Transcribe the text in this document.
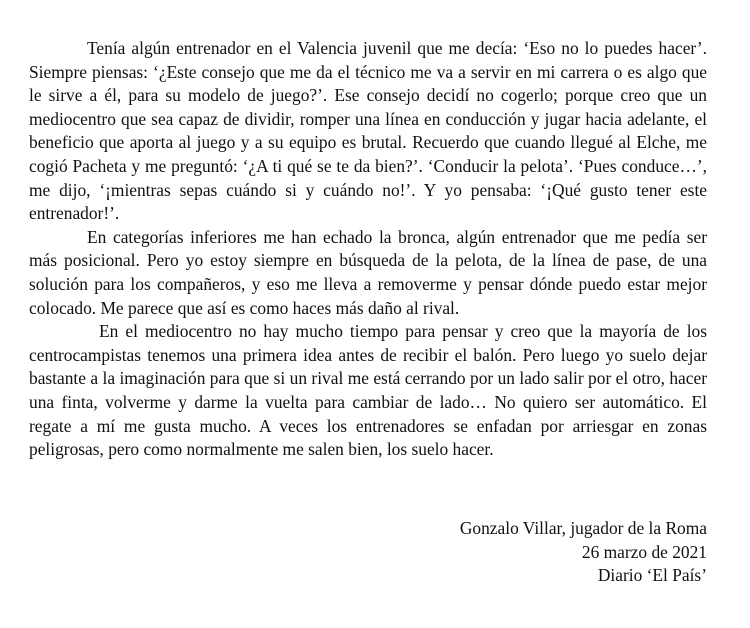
Tenía algún entrenador en el Valencia juvenil que me decía: ‘Eso no lo puedes hacer’. Siempre piensas: ‘¿Este consejo que me da el técnico me va a servir en mi carrera o es algo que le sirve a él, para su modelo de juego?’. Ese consejo decidí no cogerlo; porque creo que un mediocentro que sea capaz de dividir, romper una línea en conducción y jugar hacia adelante, el beneficio que aporta al juego y a su equipo es brutal. Recuerdo que cuando llegué al Elche, me cogió Pacheta y me preguntó: ‘¿A ti qué se te da bien?’. ‘Conducir la pelota’. ‘Pues conduce…’, me dijo, ‘¡mientras sepas cuándo si y cuándo no!’. Y yo pensaba: ‘¡Qué gusto tener este entrenador!’.

En categorías inferiores me han echado la bronca, algún entrenador que me pedía ser más posicional. Pero yo estoy siempre en búsqueda de la pelota, de la línea de pase, de una solución para los compañeros, y eso me lleva a removerme y pensar dónde puedo estar mejor colocado. Me parece que así es como haces más daño al rival.

En el mediocentro no hay mucho tiempo para pensar y creo que la mayoría de los centrocampistas tenemos una primera idea antes de recibir el balón. Pero luego yo suelo dejar bastante a la imaginación para que si un rival me está cerrando por un lado salir por el otro, hacer una finta, volverme y darme la vuelta para cambiar de lado… No quiero ser automático. El regate a mí me gusta mucho. A veces los entrenadores se enfadan por arriesgar en zonas peligrosas, pero como normalmente me salen bien, los suelo hacer.

Gonzalo Villar, jugador de la Roma
26 marzo de 2021
Diario ‘El País’
